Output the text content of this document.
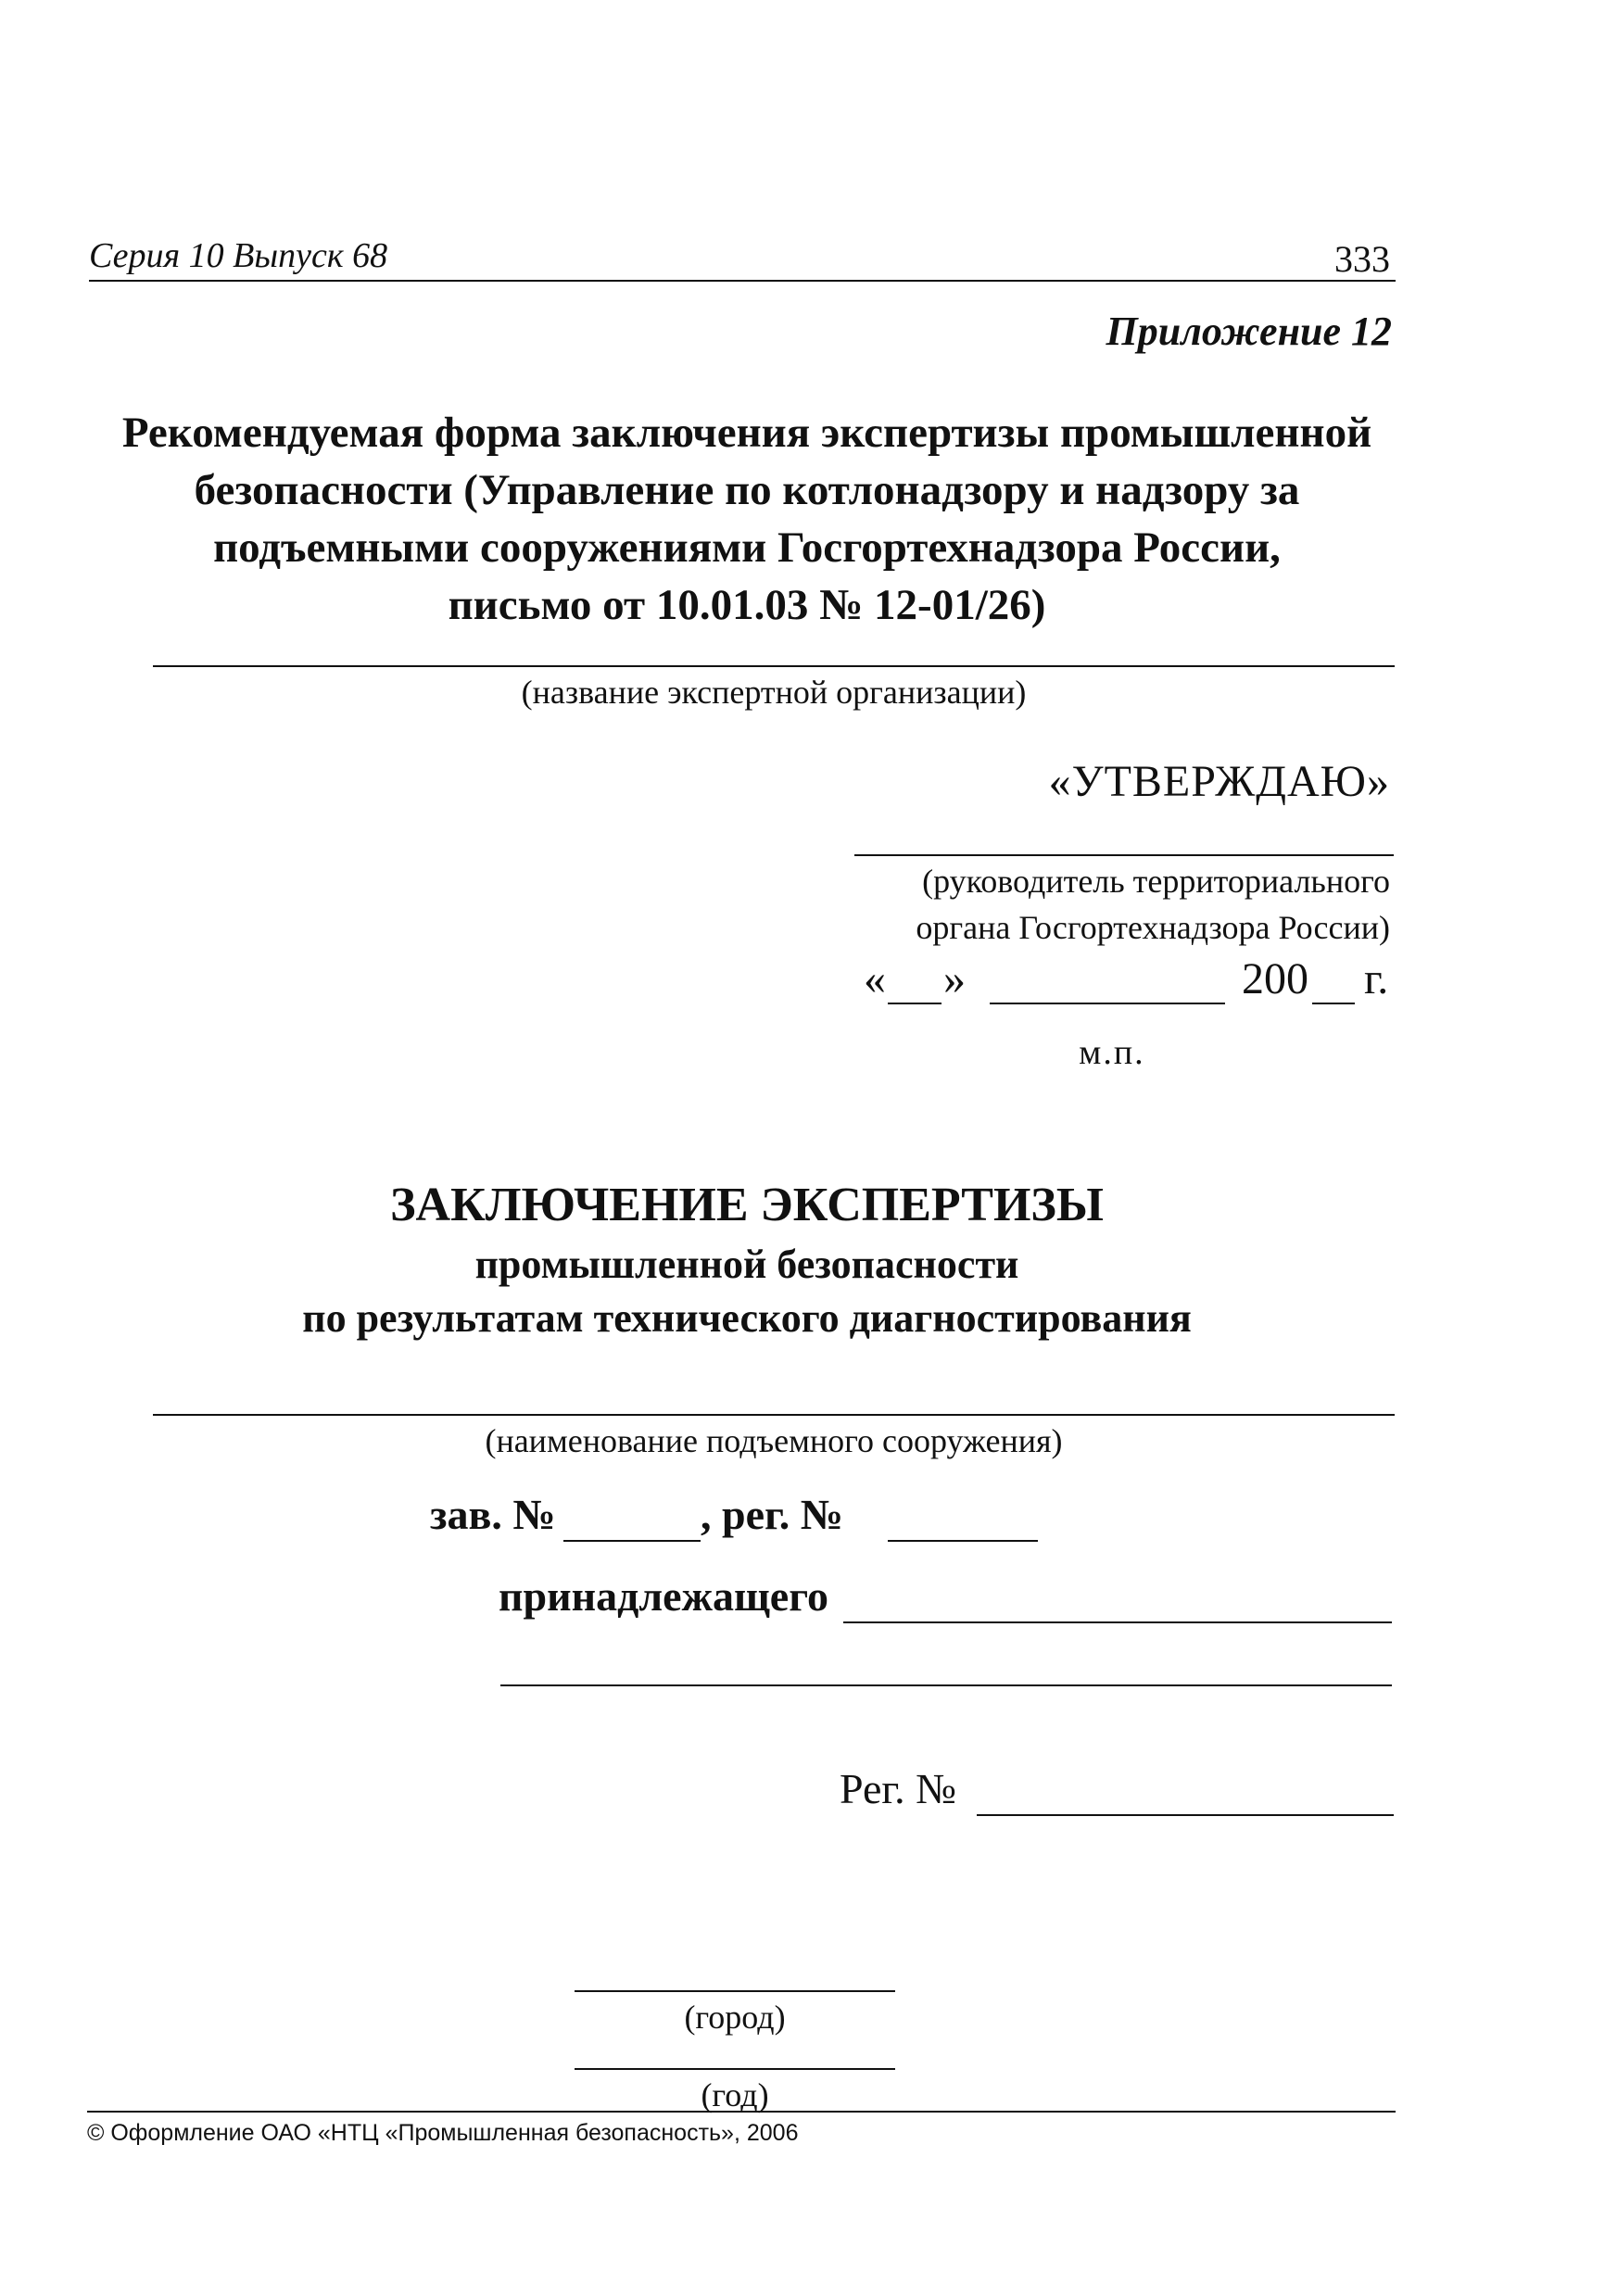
Серия 10 Выпуск 68	333
Приложение 12
Рекомендуемая форма заключения экспертизы промышленной
безопасности (Управление по котлонадзору и надзору за
подъемными сооружениями Госгортехнадзора России,
письмо от 10.01.03 № 12-01/26)
(название экспертной организации)
«УТВЕРЖДАЮ»
(руководитель территориального
органа Госгортехнадзора России)
« »	200 г.
м.п.
ЗАКЛЮЧЕНИЕ ЭКСПЕРТИЗЫ
промышленной безопасности
по результатам технического диагностирования
(наименование подъемного сооружения)
зав. №	, рег. №
принадлежащего
Рег. №
(город)
(год)
© Оформление ОАО «НТЦ «Промышленная безопасность», 2006
